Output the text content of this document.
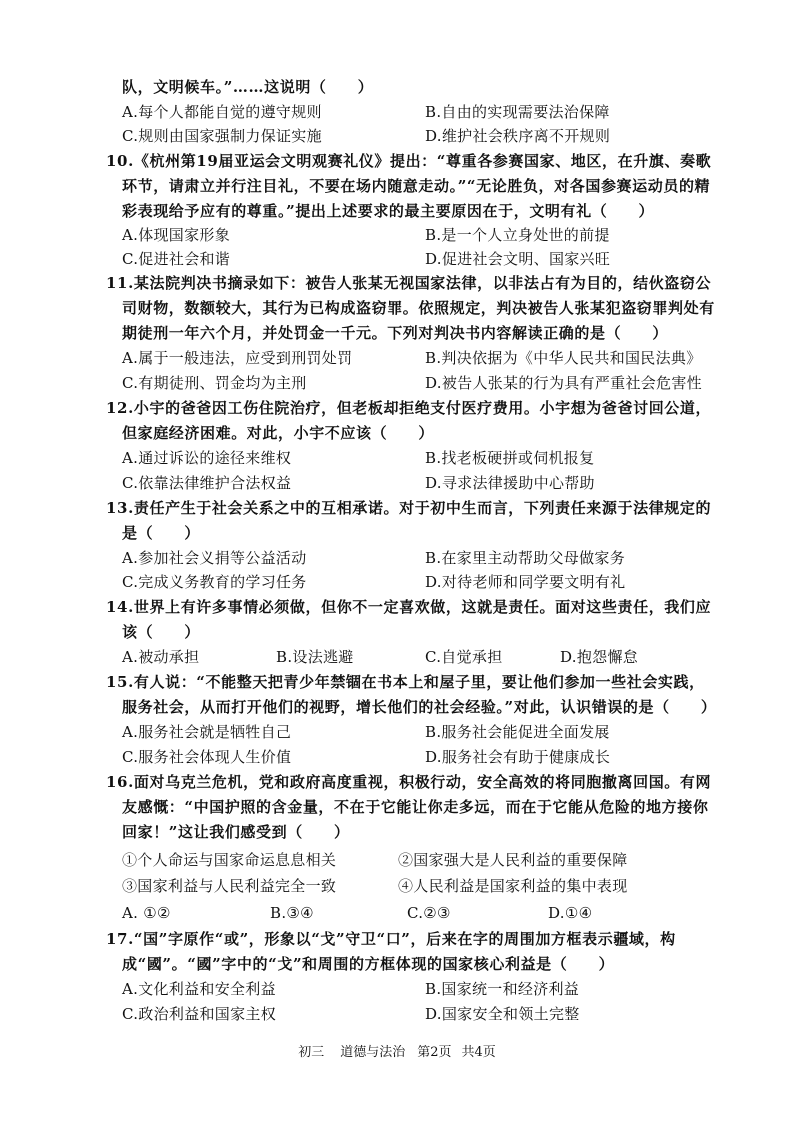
队，文明候车。”……这说明（　　）
A.每个人都能自觉的遵守规则	B.自由的实现需要法治保障
C.规则由国家强制力保证实施	D.维护社会秩序离不开规则
10.《杭州第19届亚运会文明观赛礼仪》提出：“尊重各参赛国家、地区，在升旗、奏歌
环节，请肃立并行注目礼，不要在场内随意走动。”“无论胜负，对各国参赛运动员的精
彩表现给予应有的尊重。”提出上述要求的最主要原因在于，文明有礼（　　）
A.体现国家形象	B.是一个人立身处世的前提
C.促进社会和谐	D.促进社会文明、国家兴旺
11.某法院判决书摘录如下：被告人张某无视国家法律，以非法占有为目的，结伙盗窃公
司财物，数额较大，其行为已构成盗窃罪。依照规定，判决被告人张某犯盗窃罪判处有
期徒刑一年六个月，并处罚金一千元。下列对判决书内容解读正确的是（　　）
A.属于一般违法，应受到刑罚处罚	B.判决依据为《中华人民共和国民法典》
C.有期徒刑、罚金均为主刑	D.被告人张某的行为具有严重社会危害性
12.小宇的爸爸因工伤住院治疗，但老板却拒绝支付医疗费用。小宇想为爸爸讨回公道，
但家庭经济困难。对此，小宇不应该（　　）
A.通过诉讼的途径来维权	B.找老板硬拼或伺机报复
C.依靠法律维护合法权益	D.寻求法律援助中心帮助
13.责任产生于社会关系之中的互相承诺。对于初中生而言，下列责任来源于法律规定的
是（　　）
A.参加社会义捐等公益活动	B.在家里主动帮助父母做家务
C.完成义务教育的学习任务	D.对待老师和同学要文明有礼
14.世界上有许多事情必须做，但你不一定喜欢做，这就是责任。面对这些责任，我们应
该（　　）
A.被动承担	B.设法逃避	C.自觉承担	D.抱怨懈怠
15.有人说：“不能整天把青少年禁锢在书本上和屋子里，要让他们参加一些社会实践，
服务社会，从而打开他们的视野，增长他们的社会经验。”对此，认识错误的是（　　）
A.服务社会就是牺牲自己	B.服务社会能促进全面发展
C.服务社会体现人生价值	D.服务社会有助于健康成长
16.面对乌克兰危机，党和政府高度重视，积极行动，安全高效的将同胞撤离回国。有网
友感慨：“中国护照的含金量，不在于它能让你走多远，而在于它能从危险的地方接你
回家！”这让我们感受到（　　）
①个人命运与国家命运息息相关	②国家强大是人民利益的重要保障
③国家利益与人民利益完全一致	④人民利益是国家利益的集中表现
A. ①②	B.③④	C.②③	D.①④
17.“国”字原作“或”，形象以“戈”守卫“口”，后来在字的周围加方框表示疆域，构
成“國”。“國”字中的“戈”和周围的方框体现的国家核心利益是（　　）
A.文化利益和安全利益	B.国家统一和经济利益
C.政治利益和国家主权	D.国家安全和领土完整
初三 道德与法治 第2页 共4页
